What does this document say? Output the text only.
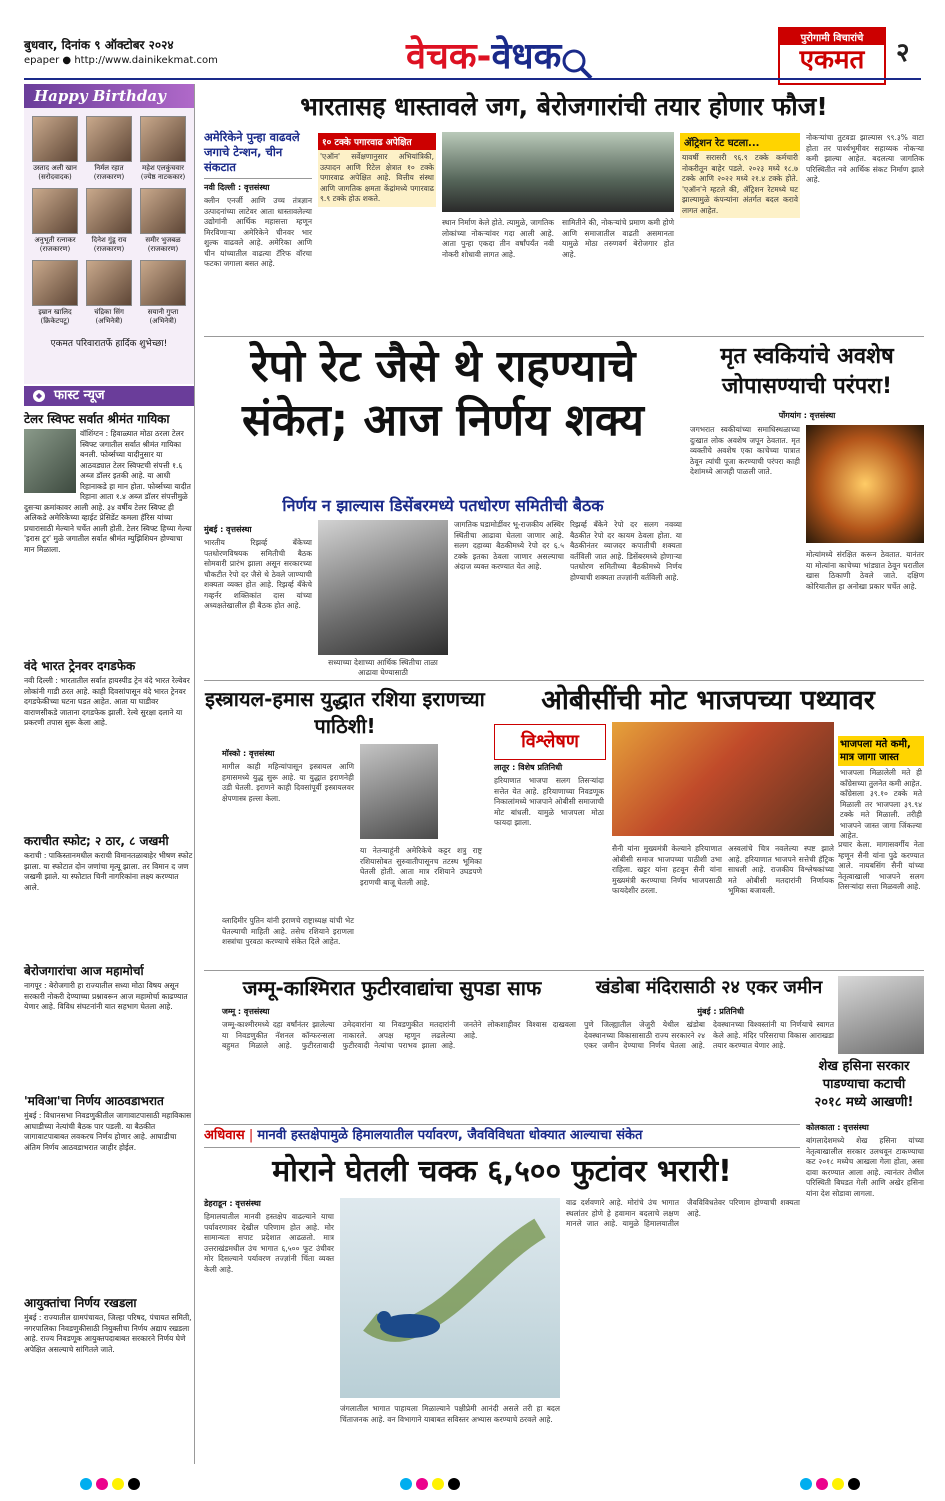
बुधवार, दिनांक ९ ऑक्टोबर २०२४
epaper ● http://www.dainikekmat.com	वेचक-वेधक	पुरोगामी विचारांचे
एकमत	२
Happy Birthday
उस्ताद अली खान
(सरोदवादक)
निर्मल रहात
(राजकारण)
महेश एलकुंचवार
(ज्येष्ठ नाटककार)
अनुभूती रत्नाकर
(राजकारण)
दिनेश गुंडू राव
(राजकारण)
समीर भुजबळ
(राजकारण)
इम्रान खालिद
(क्रिकेटपटू)
चंद्रिका सिंग
(अभिनेत्री)
सयानी गुप्ता
(अभिनेत्री)
एकमत परिवारातर्फे हार्दिक शुभेच्छा!
फास्ट न्यूज
टेलर स्विफ्ट सर्वात श्रीमंत गायिका
वॉशिंग्टन : हिवाळ्यात मोठा ठरला टेलर स्विफ्ट जगातील सर्वात श्रीमंत गायिका बनली. फोर्ब्सच्या यादीनुसार या आठवड्यात टेलर स्विफ्टची संपत्ती १.६ अब्ज डॉलर इतकी आहे. या आधी रिहानाकडे हा मान होता. फोर्ब्सच्या यादीत रिहाना आता १.४ अब्ज डॉलर संपत्तीमुळे दुसऱ्या क्रमांकावर आली आहे. ३४ वर्षीय टेलर स्विफ्ट ही अलिकडे अमेरिकेच्या व्हाईट प्रेसिडेंट कमला हॅरिस यांच्या प्रचारासाठी मेल्याने चर्चेत आली होती. टेलर स्विफ्ट हिच्या गेल्या 'इरास टूर' मुळे जगातील सर्वात श्रीमंत म्युझिशियन होण्याचा मान मिळाला.
वंदे भारत ट्रेनवर दगडफेक
नवी दिल्ली : भारतातील सर्वात हायस्पीड ट्रेन वंदे भारत रेल्वेवर लोकांनी गाडी ठरत आहे. काही दिवसांपासून वंदे भारत ट्रेनवर दगडफेकीच्या घटना घडत आहेत. आता या घाडीवर वाराणसीकडे जाताना दगडफेक झाली. रेल्वे सुरक्षा दलाने या प्रकरणी तपास सुरू केला आहे.
कराचीत स्फोट; २ ठार, ८ जखमी
कराची : पाकिस्तानमधील कराची विमानतळाबाहेर भीषण स्फोट झाला. या स्फोटात दोन जणांचा मृत्यू झाला. तर विमान द जण जखमी झाले. या स्फोटात चिनी नागरिकांना लक्ष्य करण्यात आले.
बेरोजगारांचा आज महामोर्चा
नागपूर : बेरोजगारी हा राज्यातील सध्या मोठा विषय असून सरकारी नोकरी देण्याच्या प्रश्नावरून आज महामोर्चा काढण्यात येणार आहे. विविध संघटनांनी यात सहभाग घेतला आहे.
'मविआ'चा निर्णय आठवडाभरात
मुंबई : विधानसभा निवडणुकीतील जागावाटपासाठी महाविकास आघाडीच्या नेत्यांची बैठक पार पडली. या बैठकीत जागावाटपाबाबत लवकरच निर्णय होणार आहे. आघाडीचा अंतिम निर्णय आठवडाभरात जाहीर होईल.
आयुक्तांचा निर्णय रखडला
मुंबई : राज्यातील ग्रामपंचायत, जिल्हा परिषद, पंचायत समिती, नगरपालिका निवडणुकीसाठी नियुक्तीचा निर्णय अद्याप रखडला आहे. राज्य निवडणूक आयुक्तपदाबाबत सरकारने निर्णय घेणे अपेक्षित असल्याचे सांगितले जाते.
भारतासह धास्तावले जग, बेरोजगारांची तयार होणार फौज!
अमेरिकेने पुन्हा वाढवले जगाचे टेन्शन, चीन संकटात
नवी दिल्ली : वृत्तसंस्था
क्लीन एनर्जी आणि उच्च तंत्रज्ञान उत्पादनांच्या लाटेवर आता धास्तावलेल्या उद्योगांनी आर्थिक महासत्ता म्हणून मिरविणाऱ्या अमेरिकेने चीनवर भार शुल्क वाढवले आहे. अमेरिका आणि चीन यांच्यातील वाढत्या टॅरिफ वॉरचा फटका जगाला बसत आहे.
१० टक्के पगारवाढ अपेक्षित
'एऑन' सर्वेक्षणानुसार अभियांत्रिकी, उत्पादन आणि रिटेल क्षेत्रात १० टक्के पगारवाढ अपेक्षित आहे. वित्तीय संस्था आणि जागतिक क्षमता केंद्रांमध्ये पगारवाढ ९.९ टक्के होऊ शकते.
स्थान निर्माण केले होते. त्यामुळे, जागतिक लोकांच्या नोकऱ्यांवर गदा आली आहे. आता पुन्हा एकदा तीन वर्षांपर्यंत नवी नोकरी शोधावी लागत आहे.
सामितीने की, नोकऱ्यांचे प्रमाण कमी होणे आणि समाजातील वाढती असमानता यामुळे मोठा तरुणवर्ग बेरोजगार होत आहे.
ॲट्रिशन रेट घटला...
यावर्षी सरासरी ९६.९ टक्के कर्मचारी नोकरीतून बाहेर पडले. २०२३ मध्ये १८.७ टक्के आणि २०२२ मध्ये २१.४ टक्के होते. 'एऑन'ने म्हटले की, ॲट्रिशन रेटमध्ये घट झाल्यामुळे कंपन्यांना अंतर्गत बदल करावे लागत आहेत.
नोकऱ्यांचा तुटवडा झाल्यास ९९.३% वाटा होता तर पार्श्वभूमीवर सहाय्यक नोकऱ्या कमी झाल्या आहेत. बदलत्या जागतिक परिस्थितीत नवे आर्थिक संकट निर्माण झाले आहे.
रेपो रेट जैसे थे राहण्याचे
संकेत; आज निर्णय शक्य
निर्णय न झाल्यास डिसेंबरमध्ये पतधोरण समितीची बैठक
मुंबई : वृत्तसंस्था
भारतीय रिझर्व्ह बँकेच्या पतधोरणविषयक समितीची बैठक सोमवारी प्रारंभ झाला असून सरकारच्या चौकटीत रेपो दर जैसे थे ठेवले जाण्याची शक्यता व्यक्त होत आहे. रिझर्व्ह बँकेचे गव्हर्नर शक्तिकांत दास यांच्या अध्यक्षतेखालील ही बैठक होत आहे.
सध्याच्या देशाच्या आर्थिक स्थितीचा ताळा आढावा घेण्यासाठी
जागतिक घडामोडींवर भू-राजकीय अस्थिर स्थितीचा आढावा घेतला जाणार आहे. सलग दहाव्या बैठकीमध्ये रेपो दर ६.५ टक्के इतका ठेवला जाणार असल्याचा अंदाज व्यक्त करण्यात येत आहे.
रिझर्व्ह बँकेने रेपो दर सलग नवव्या बैठकीत रेपो दर कायम ठेवला होता. या बैठकीनंतर व्याजदर कपातीची शक्यता वर्तविली जात आहे. डिसेंबरमध्ये होणाऱ्या पतधोरण समितीच्या बैठकीमध्ये निर्णय होण्याची शक्यता तज्ज्ञांनी वर्तविली आहे.
मृत स्वकियांचे अवशेष जोपासण्याची परंपरा!
पोंगयांग : वृत्तसंस्था
जगभरात स्वकीयांच्या समाधिस्थळाच्या दुःखात लोक अवशेष जपून ठेवतात. मृत व्यक्तीचे अवशेष एका काचेच्या पात्रात ठेवून त्यांची पूजा करण्याची परंपरा काही देशांमध्ये आजही पाळली जाते.
मोत्यांमध्ये संरक्षित करून ठेवतात. यानंतर या मोत्यांना काचेच्या भांड्यात ठेवून घरातील खास ठिकाणी ठेवले जाते. दक्षिण कोरियातील हा अनोखा प्रकार चर्चेत आहे.
इस्त्रायल-हमास युद्धात रशिया इराणच्या पाठिशी!
मॉस्को : वृत्तसंस्था
मागील काही महिन्यांपासून इस्त्रायल आणि हमासमध्ये युद्ध सुरू आहे. या युद्धात इराणनेही उडी घेतली. इराणने काही दिवसांपूर्वी इस्त्रायलवर क्षेपणास्त्र हल्ला केला.
या नेतन्याहूंनी अमेरिकेचे कट्टर शत्रु राष्ट्र रशियासोबत सुरुवातीपासूनच तटस्थ भूमिका घेतली होती. आता मात्र रशियाने उघडपणे इराणची बाजू घेतली आहे.
व्लादिमीर पुतिन यांनी इराणचे राष्ट्राध्यक्ष यांची भेट घेतल्याची माहिती आहे. तसेच रशियाने इराणला शस्त्रांचा पुरवठा करण्याचे संकेत दिले आहेत.
ओबीसींची मोट भाजपच्या पथ्यावर
विश्लेषण
लातूर : विशेष प्रतिनिधी
हरियाणात भाजपा सलग तिसऱ्यांदा सत्तेत येत आहे. हरियाणाच्या निवडणूक निकालांमध्ये भाजपाने ओबीसी समाजाची मोट बांधली. यामुळे भाजपला मोठा फायदा झाला.
सैनी यांना मुख्यमंत्री केल्याने हरियाणात ओबीसी समाज भाजपच्या पाठीशी उभा राहिला. खट्टर यांना हटवून सैनी यांना मुख्यमंत्री करण्याचा निर्णय भाजपसाठी फायदेशीर ठरला.
अस्वलांचे चित्र नवलेल्या स्पष्ट झाले आहे. हरियाणात भाजपने सत्तेची हॅट्रिक साधली आहे. राजकीय विश्लेषकांच्या मते ओबीसी मतदारांनी निर्णायक भूमिका बजावली.
भाजपला मते कमी, मात्र जागा जास्त
भाजपला मिळालेली मते ही काँग्रेसच्या तुलनेत कमी आहेत. काँग्रेसला ३९.१० टक्के मते मिळाली तर भाजपला ३९.९४ टक्के मते मिळाली. तरीही भाजपने जास्त जागा जिंकल्या आहेत.
प्रचार केला. मागासवर्गीय नेता म्हणून सैनी यांना पुढे करण्यात आले. नायबसिंग सैनी यांच्या नेतृत्वाखाली भाजपने सलग तिसऱ्यांदा सत्ता मिळवली आहे.
जम्मू-काश्मिरात फुटीरवाद्यांचा सुपडा साफ
जम्मू : वृत्तसंस्था
जम्मू-काश्मीरमध्ये दहा वर्षांनंतर झालेल्या या निवडणुकीत नॅशनल कॉन्फरन्सला बहुमत मिळाले आहे. फुटीरतावादी उमेदवारांना या निवडणुकीत मतदारांनी नाकारले. अपक्ष म्हणून लढलेल्या फुटीरवादी नेत्यांचा पराभव झाला आहे. जनतेने लोकशाहीवर विश्वास दाखवला आहे.
खंडोबा मंदिरासाठी २४ एकर जमीन
मुंबई : प्रतिनिधी
पुणे जिल्ह्यातील जेजुरी येथील खंडोबा देवस्थानच्या विकासासाठी राज्य सरकारने २४ एकर जमीन देण्याचा निर्णय घेतला आहे. देवस्थानच्या विश्वस्तांनी या निर्णयाचे स्वागत केले आहे. मंदिर परिसराचा विकास आराखडा तयार करण्यात येणार आहे.
शेख हसिना सरकार
पाडण्याचा कटाची
२०१८ मध्ये आखणी!
कोलकाता : वृत्तसंस्था
बांगलादेशमध्ये शेख हसिना यांच्या नेतृत्वाखालील सरकार उलथवून टाकण्याचा कट २०१८ मध्येच आखला गेला होता, असा दावा करण्यात आला आहे. त्यानंतर तेथील परिस्थिती बिघडत गेली आणि अखेर हसिना यांना देश सोडावा लागला.
अधिवास | मानवी हस्तक्षेपामुळे हिमालयातील पर्यावरण, जैवविविधता धोक्यात आल्याचा संकेत
मोराने घेतली चक्क ६,५०० फुटांवर भरारी!
डेहराडून : वृत्तसंस्था
हिमालयातील मानवी हस्तक्षेप वाढल्याने याचा पर्यावरणावर देखील परिणाम होत आहे. मोर सामान्यतः सपाट प्रदेशात आढळतो. मात्र उत्तराखंडमधील उंच भागात ६,५०० फूट उंचीवर मोर दिसल्याने पर्यावरण तज्ज्ञांनी चिंता व्यक्त केली आहे.
जंगलातील भागात पाहायला मिळाल्याने पक्षीप्रेमी आनंदी असले तरी हा बदल चिंताजनक आहे. वन विभागाने याबाबत सविस्तर अभ्यास करण्याचे ठरवले आहे.
वाढ दर्शवणारे आहे. मोरांचे उंच भागात स्थलांतर होणे हे हवामान बदलाचे लक्षण मानले जात आहे. यामुळे हिमालयातील जैवविविधतेवर परिणाम होण्याची शक्यता आहे.
